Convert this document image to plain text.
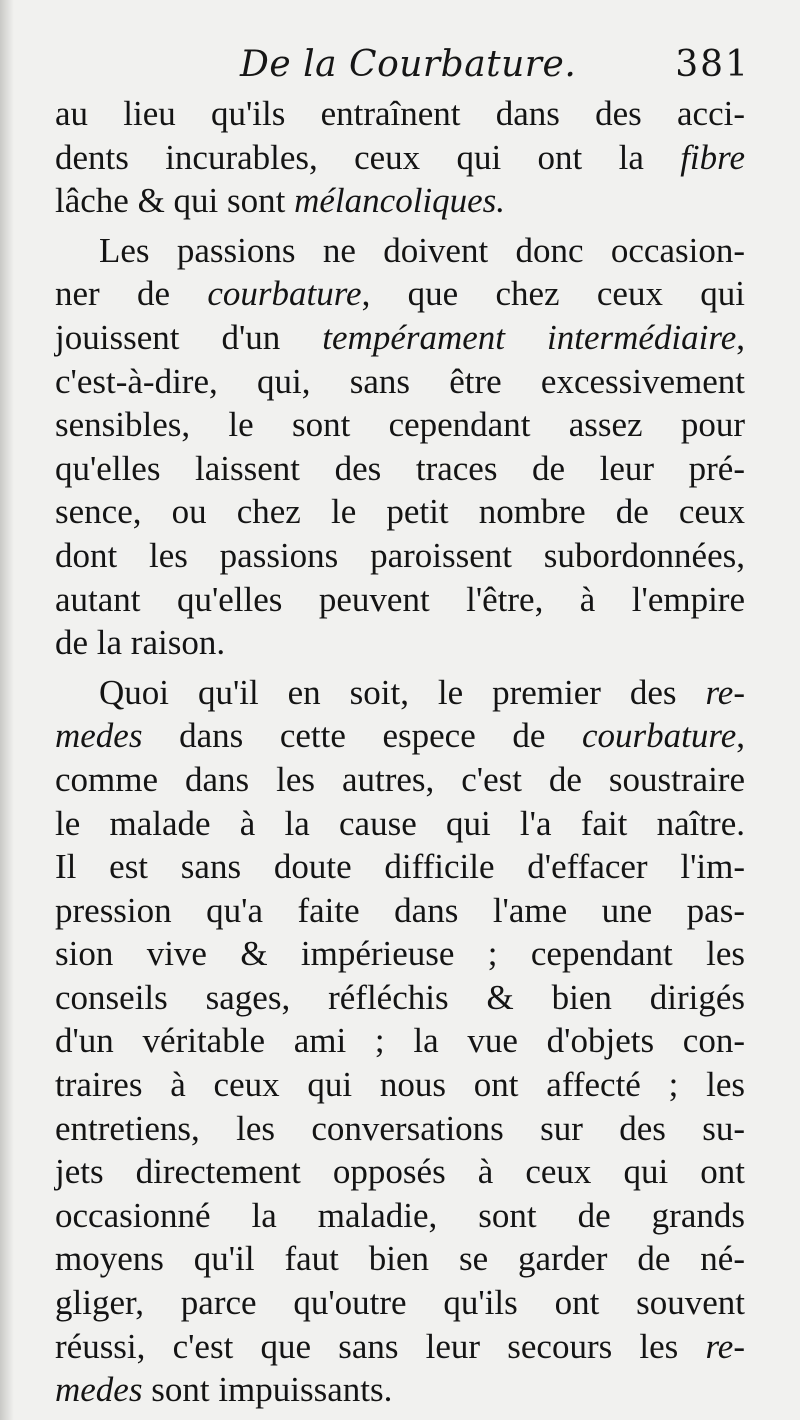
De la Courbature.	381
au lieu qu'ils entraînent dans des acci-
dents incurables, ceux qui ont la fibre
lâche & qui sont mélancoliques.
Les passions ne doivent donc occasion-
ner de courbature, que chez ceux qui
jouissent d'un tempérament intermédiaire,
c'est-à-dire, qui, sans être excessivement
sensibles, le sont cependant assez pour
qu'elles laissent des traces de leur pré-
sence, ou chez le petit nombre de ceux
dont les passions paroissent subordonnées,
autant qu'elles peuvent l'être, à l'empire
de la raison.
Quoi qu'il en soit, le premier des re-
medes dans cette espece de courbature,
comme dans les autres, c'est de soustraire
le malade à la cause qui l'a fait naître.
Il est sans doute difficile d'effacer l'im-
pression qu'a faite dans l'ame une pas-
sion vive & impérieuse ; cependant les
conseils sages, réfléchis & bien dirigés
d'un véritable ami ; la vue d'objets con-
traires à ceux qui nous ont affecté ; les
entretiens, les conversations sur des su-
jets directement opposés à ceux qui ont
occasionné la maladie, sont de grands
moyens qu'il faut bien se garder de né-
gliger, parce qu'outre qu'ils ont souvent
réussi, c'est que sans leur secours les re-
medes sont impuissants.
